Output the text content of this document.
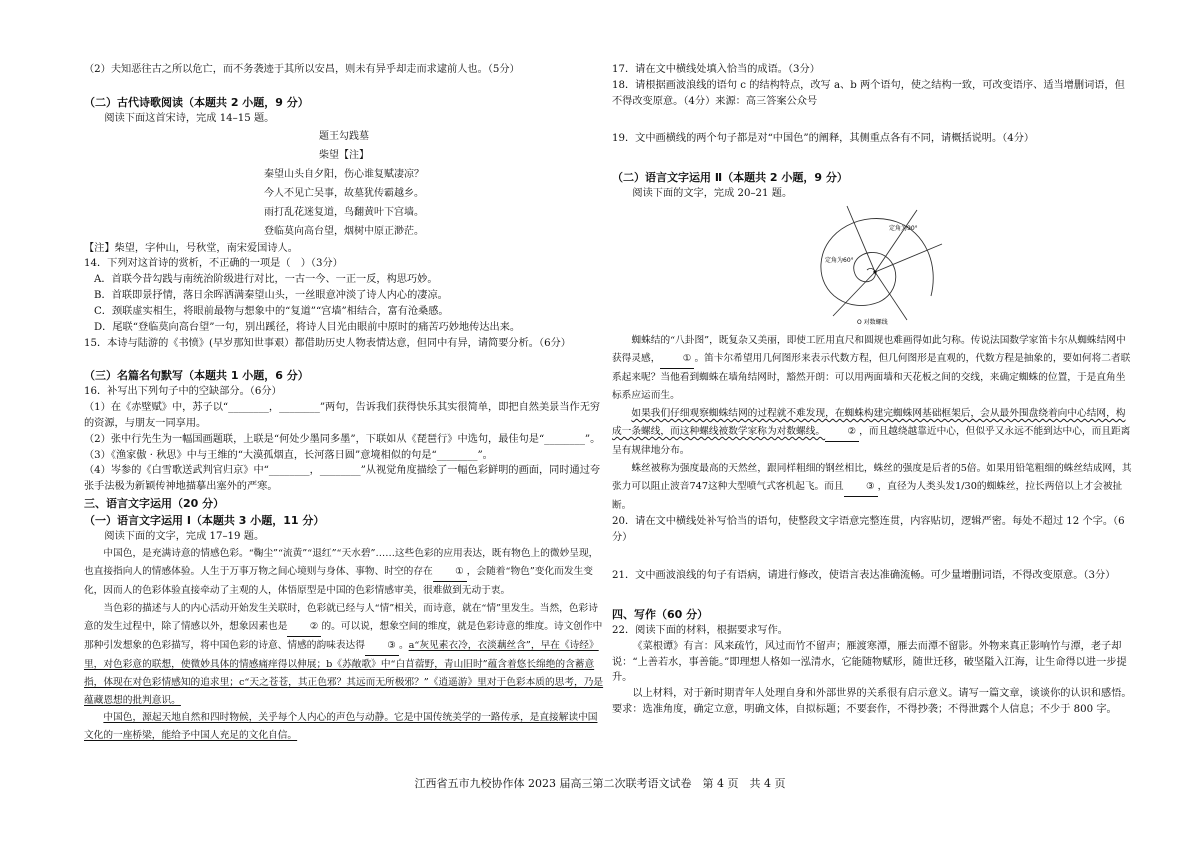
（2）夫知恶往古之所以危亡，而不务袭迹于其所以安昌，则未有异乎却走而求逮前人也。（5分）

（二）古代诗歌阅读（本题共 2 小题，9 分）

阅读下面这首宋诗，完成 14–15 题。

题王勾践墓
柴望【注】
秦望山头自夕阳，伤心谁复赋凄凉？
今人不见亡吴事，故墓犹传霸越乡。
雨打乱花迷复道，鸟翻黄叶下宫墙。
登临莫向高台望，烟树中原正渺茫。

【注】柴望，字仲山，号秋堂，南宋爱国诗人。

14．下列对这首诗的赏析，不正确的一项是（　）（3分）

A．首联今昔勾践与南统治阶级进行对比，一古一今、一正一反，构思巧妙。

B．首联即景抒情，落日余晖洒满秦望山头，一丝眼意冲淡了诗人内心的凄凉。

C．颈联虚实相生，将眼前最物与想象中的“复道”“宫墙”相结合，富有沧桑感。

D．尾联“登临莫向高台望”一句，别出蹊径，将诗人目光由眼前中原时的痛苦巧妙地传达出来。

15．本诗与陆游的《书愤》(早岁那知世事艰）都借助历史人物表情达意，但同中有异，请简要分析。（6分）

（三）名篇名句默写（本题共 1 小题，6 分）

16．补写出下列句子中的空缺部分。（6分）

（1）在《赤壁赋》中，苏子以“________，________”两句，告诉我们获得快乐其实很简单，即把自然美景当作无穷的资源，与朋友一同享用。

（2）张中行先生为一幅国画题联，上联是“何处少墨同多墨”，下联如从《琵琶行》中选句，最佳句是“________”。

（3）《渔家傲 · 秋思》中与王维的“大漠孤烟直，长河落日圆”意境相似的句是“________”。

（4）岑参的《白雪歌送武判官归京》中“________，________”从视觉角度描绘了一幅色彩鲜明的画面，同时通过夸张手法极为新颖传神地描摹出塞外的严寒。

三、语言文字运用（20 分）

（一）语言文字运用 Ⅰ（本题共 3 小题，11 分）

阅读下面的文字，完成 17–19 题。

中国色，是充满诗意的情感色彩。“鞠尘”“流黄”“退红”“天水碧”……这些色彩的应用表达，既有物色上的微妙呈现，也直接指向人的情感体验。人生于万事万物之间心境则与身体、事物、时空的存在 ① ，会随着“物色”变化而发生变化，因而人的色彩体验直接牵动了主观的人，体悟原型是中国的色彩情感审美，很难做到无动于衷。

当色彩的描述与人的内心活动开始发生关联时，色彩就已经与人“情”相关，而诗意，就在“情”里发生。当然，色彩诗意的发生过程中，除了情感以外，想象因素也是 ② 的。可以说，想象空间的维度，就是色彩诗意的维度。诗文创作中那种引发想象的色彩描写，将中国色彩的诗意、情感的韵味表达得 ③ 。a“灰见素衣冷，衣淡藕丝含”，早在《诗经》里，对色彩意的联想，使微妙具体的情感痛痒得以伸展；b《苏敞歌》中“白苜蓿野，青山旧时”蕴含着悠长绵绝的含蓄意指，体现在对色彩情感知的追求里；c“天之苍苍，其正色邪？其远而无所极邪？”《逍遥游》里对于色彩本质的思考，乃是蕴藏恩想的批判意识。

中国色，源起天地自然和四时物候，关乎每个人内心的声色与动静。它是中国传统美学的一路传承，是直接解读中国文化的一座桥梁，能给予中国人充足的文化自信。

17．请在文中横线处填入恰当的成语。（3分）

18．请根据画波浪线的语句 c 的结构特点，改写 a、b 两个语句，使之结构一致，可改变语序、适当增删词语，但不得改变原意。（4分）来源：高三答案公众号

19．文中画横线的两个句子都是对“中国色”的阐释，其侧重点各有不同，请概括说明。（4分）

（二）语言文字运用 Ⅱ（本题共 2 小题，9 分）

阅读下面的文字，完成 20–21 题。

定角为90°
定角为60°
O 对数螺线

蜘蛛结的“八卦图”，既复杂又美丽，即使工匠用直尺和圆规也难画得如此匀称。传说法国数学家笛卡尔从蜘蛛结网中获得灵感， ① 。笛卡尔希望用几何图形来表示代数方程，但几何图形是直观的，代数方程是抽象的，要如何将二者联系起来呢？当他看到蜘蛛在墙角结网时，豁然开朗：可以用两面墙和天花板之间的交线，来确定蜘蛛的位置，于是直角坐标系应运而生。

如果我们仔细观察蜘蛛结网的过程就不难发现，在蜘蛛构建完蜘蛛网基础框架后，会从最外围盘绕着向中心结网，构成一条螺线，而这种螺线被数学家称为对数螺线。 ② ，而且越绕越靠近中心，但似乎又永远不能到达中心，而且距离呈有规律地分布。

蛛丝被称为强度最高的天然丝，跟同样粗细的钢丝相比，蛛丝的强度是后者的5倍。如果用铅笔粗细的蛛丝结成网，其张力可以阻止波音747这种大型喷气式客机起飞。而且 ③ ，直径为人类头发1/30的蜘蛛丝，拉长两倍以上才会被扯断。

20．请在文中横线处补写恰当的语句，使整段文字语意完整连贯，内容贴切，逻辑严密。每处不超过 12 个字。（6分）

21．文中画波浪线的句子有语病，请进行修改，使语言表达准确流畅。可少量增删词语，不得改变原意。（3分）

四、写作（60 分）

22．阅读下面的材料，根据要求写作。

《菜根谭》有言：风来疏竹，风过而竹不留声；雁渡寒潭，雁去而潭不留影。外物来真正影响竹与潭，老子却说：“上善若水，事善能。”即理想人格如一泓清水，它能随物赋形，随世迁移，破坚隘入江海，让生命得以进一步提升。

以上材料，对于新时期青年人处理自身和外部世界的关系很有启示意义。请写一篇文章，谈谈你的认识和感悟。要求：选准角度，确定立意，明确文体，自拟标题；不要套作，不得抄袭；不得泄露个人信息；不少于 800 字。

江西省五市九校协作体 2023 届高三第二次联考语文试卷　第 4 页　共 4 页
